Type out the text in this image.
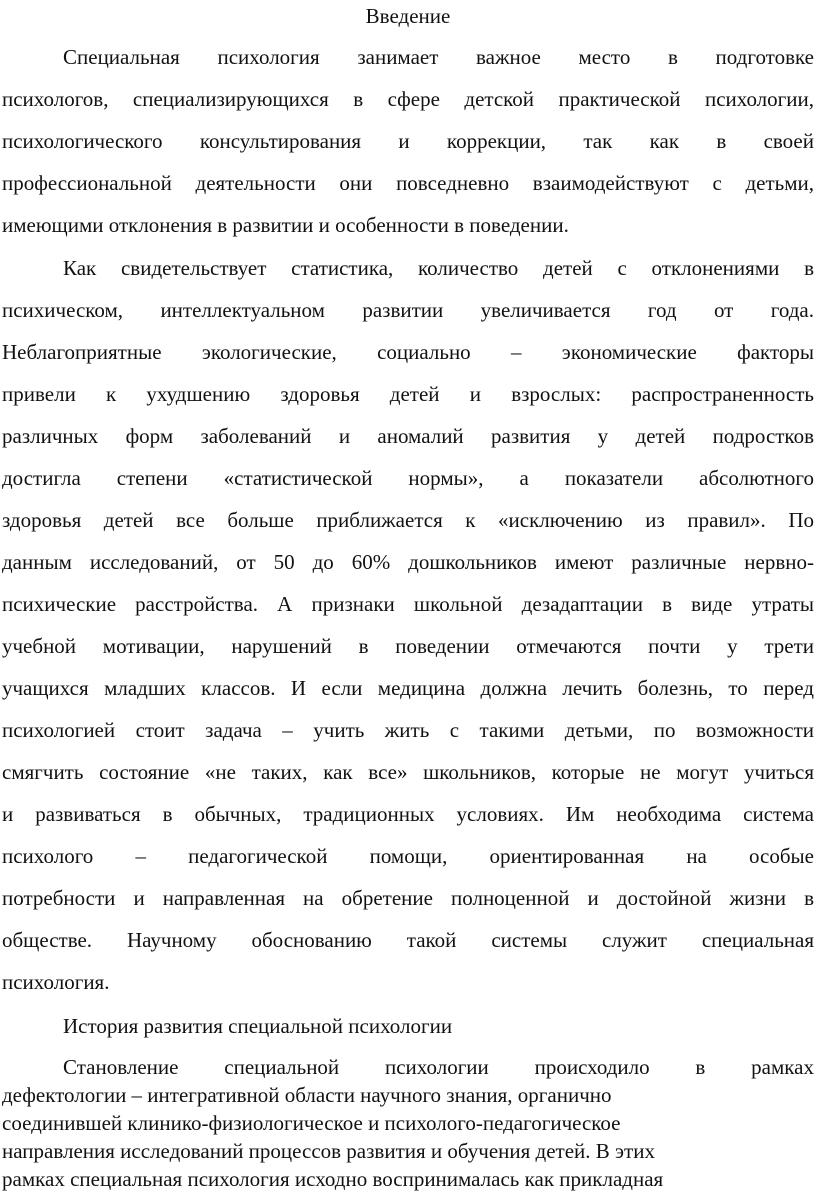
Введение

Специальная психология занимает важное место в подготовке

психологов, специализирующихся в сфере детской практической психологии,

психологического консультирования и коррекции, так как в своей

профессиональной деятельности они повседневно взаимодействуют с детьми,

имеющими отклонения в развитии и особенности в поведении.

Как свидетельствует статистика, количество детей с отклонениями в

психическом, интеллектуальном развитии увеличивается год от года.

Неблагоприятные экологические, социально – экономические факторы

привели к ухудшению здоровья детей и взрослых: распространенность

различных форм заболеваний и аномалий развития у детей подростков

достигла степени «статистической нормы», а показатели абсолютного

здоровья детей все больше приближается к «исключению из правил». По

данным исследований, от 50 до 60% дошкольников имеют различные нервно-

психические расстройства. А признаки школьной дезадаптации в виде утраты

учебной мотивации, нарушений в поведении отмечаются почти у трети

учащихся младших классов. И если медицина должна лечить болезнь, то перед

психологией стоит задача – учить жить с такими детьми, по возможности

смягчить состояние «не таких, как все» школьников, которые не могут учиться

и развиваться в обычных, традиционных условиях. Им необходима система

психолого – педагогической помощи, ориентированная на особые

потребности и направленная на обретение полноценной и достойной жизни в

обществе. Научному обоснованию такой системы служит специальная

психология.

История развития специальной психологии

Становление специальной психологии происходило в рамках

дефектологии – интегративной области научного знания, органично

соединившей клинико-физиологическое и психолого-педагогическое

направления исследований процессов развития и обучения детей. В этих

рамках специальная психология исходно воспринималась как прикладная
